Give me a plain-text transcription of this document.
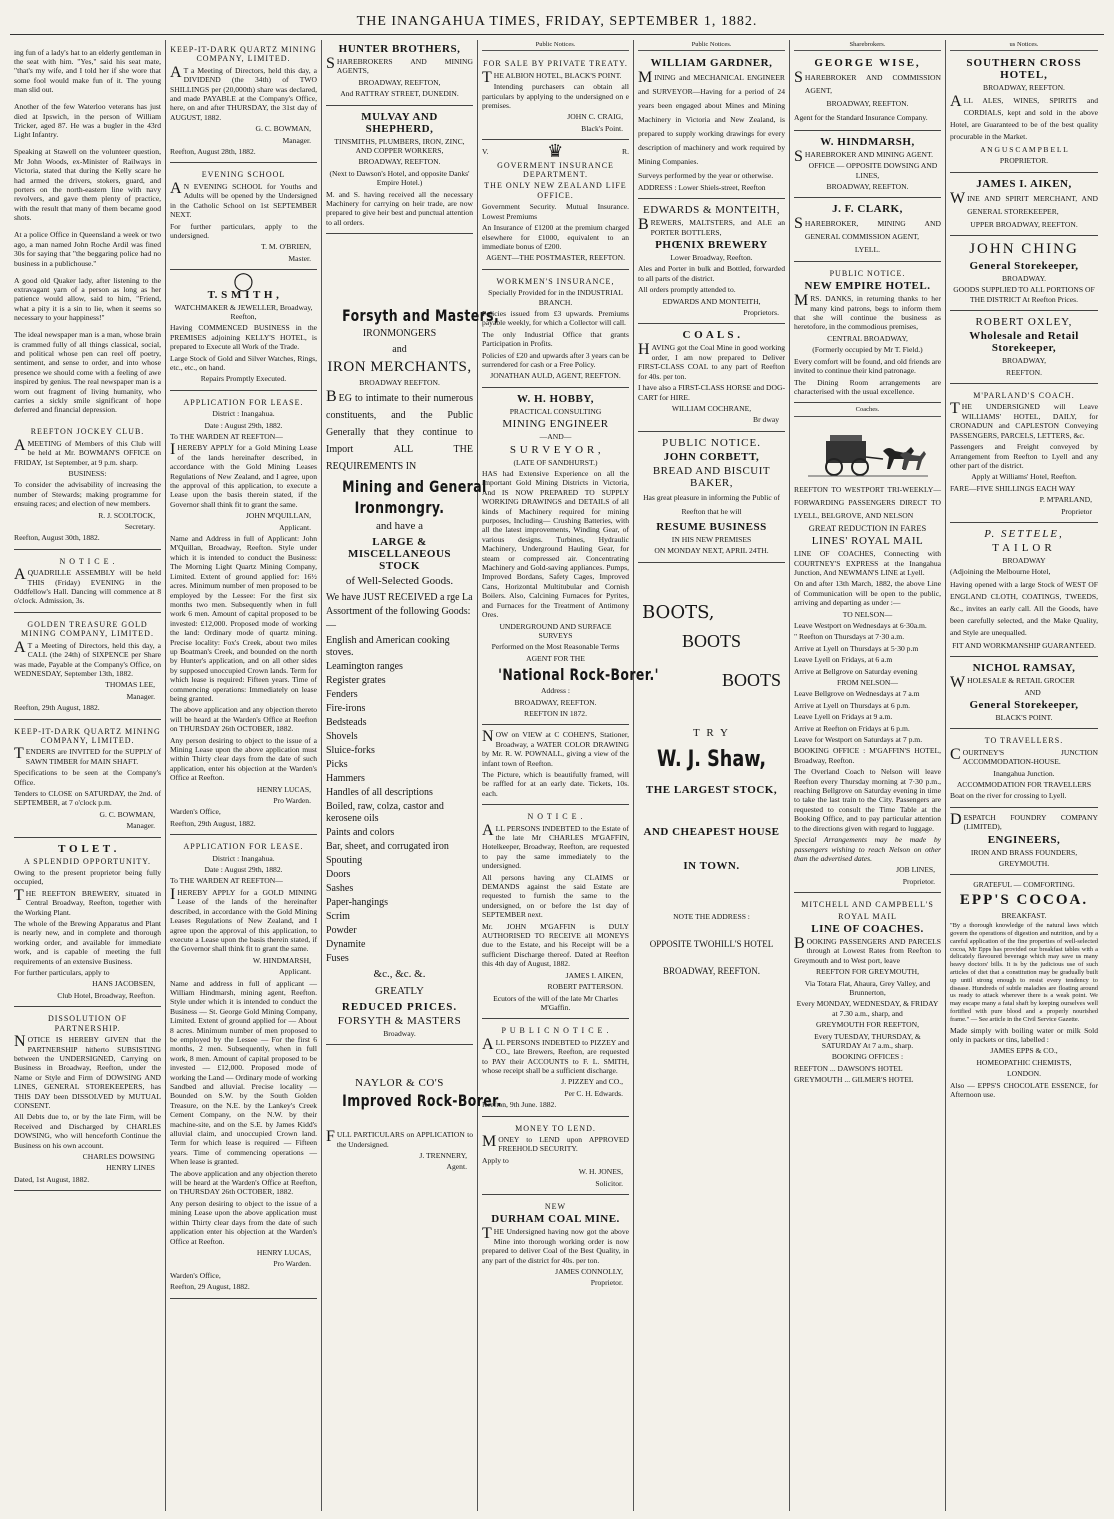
THE INANGAHUA TIMES, FRIDAY, SEPTEMBER 1, 1882.

ing fun of a lady's hat to an elderly gentleman in the seat with him. "Yes," said his seat mate, "that's my wife, and I told her if she wore that some fool would make fun of it. The young man slid out.

Another of the few Waterloo veterans has just died at Ipswich, in the person of William Tricker, aged 87. He was a bugler in the 43rd Light Infantry.

Speaking at Stawell on the volunteer question, Mr John Woods, ex-Minister of Railways in Victoria, stated that during the Kelly scare he had armed the drivers, stokers, guard, and porters on the north-eastern line with navy revolvers, and gave them plenty of practice, with the result that many of them became good shots.

At a police Office in Queensland a week or two ago, a man named John Roche Ardil was fined 30s for saying that "the beggaring police had no business in a publichouse."

A good old Quaker lady, after listening to the extravagant yarn of a person as long as her patience would allow, said to him, "Friend, what a pity it is a sin to lie, when it seems so necessary to your happiness!"

The ideal newspaper man is a man, whose brain is crammed fully of all things classical, social, and political whose pen can reel off poetry, sentiment, and sense to order, and into whose presence we should come with a feeling of awe inspired by genius. The real newspaper man is a worn out fragment of living humanity, who carries a sickly smile significant of hope deferred and financial depression.

REEFTON JOCKEY CLUB.

AMEETING of Members of this Club will be held at Mr. BOWMAN'S OFFICE on FRIDAY, 1st September, at 9 p.m. sharp.

BUSINESS:

To consider the advisability of increasing the number of Stewards; making programme for ensuing races; and election of new members.

R. J. SCOLTOCK,

Secretary.

Reefton, August 30th, 1882.

N O T I C E .

AQUADRILLE ASSEMBLY will be held THIS (Friday) EVENING in the Oddfellow's Hall. Dancing will commence at 8 o'clock. Admission, 3s.

GOLDEN TREASURE GOLD MINING COMPANY, LIMITED.

AT a Meeting of Directors, held this day, a CALL (the 24th) of SIXPENCE per Share was made, Payable at the Company's Office, on WEDNESDAY, September 13th, 1882.

THOMAS LEE,

Manager.

Reefton, 29th August, 1882.

KEEP-IT-DARK QUARTZ MINING COMPANY, LIMITED.

TENDERS are INVITED for the SUPPLY of SAWN TIMBER for MAIN SHAFT.

Specifications to be seen at the Company's Office.

Tenders to CLOSE on SATURDAY, the 2nd. of SEPTEMBER, at 7 o'clock p.m.

G. C. BOWMAN,

Manager.

T O L E T .
A SPLENDID OPPORTUNITY.

Owing to the present proprietor being fully occupied,

THE REEFTON BREWERY, situated in Central Broadway, Reefton, together with the Working Plant.

The whole of the Brewing Apparatus and Plant is nearly new, and in complete and thorough working order, and available for immediate work, and is capable of meeting the full requirements of an extensive Business.

For further particulars, apply to

HANS JACOBSEN,

Club Hotel, Broadway, Reefton.

DISSOLUTION OF PARTNERSHIP.

NOTICE IS HEREBY GIVEN that the PARTNERSHIP hitherto SUBSISTING between the UNDERSIGNED, Carrying on Business in Broadway, Reefton, under the Name or Style and Firm of DOWSING AND LINES, GENERAL STOREKEEPERS, has THIS DAY been DISSOLVED by MUTUAL CONSENT.

All Debts due to, or by the late Firm, will be Received and Discharged by CHARLES DOWSING, who will henceforth Continue the Business on his own account.

CHARLES DOWSING

HENRY LINES

Dated, 1st August, 1882.

KEEP-IT-DARK QUARTZ MINING COMPANY, LIMITED.

AT a Meeting of Directors, held this day, a DIVIDEND (the 34th) of TWO SHILLINGS per (20,000th) share was declared, and made PAYABLE at the Company's Office, here, on and after THURSDAY, the 31st day of AUGUST, 1882.

G. C. BOWMAN,

Manager.

Reefton, August 28th, 1882.

EVENING SCHOOL

AN EVENING SCHOOL for Youths and Adults will be opened by the Undersigned in the Catholic School on 1st SEPTEMBER NEXT.

For further particulars, apply to the undersigned.

T. M. O'BRIEN,

Master.

◯
T. S M I T H ,

WATCHMAKER & JEWELLER, Broadway, Reefton,

Having COMMENCED BUSINESS in the PREMISES adjoining KELLY'S HOTEL, is prepared to Execute all Work of the Trade.

Large Stock of Gold and Silver Watches, Rings, etc., etc., on hand.

Repairs Promptly Executed.

APPLICATION FOR LEASE.

District : Inangahua.

Date : August 29th, 1882.

To THE WARDEN AT REEFTON—

IHEREBY APPLY for a Gold Mining Lease of the lands hereinafter described, in accordance with the Gold Mining Leases Regulations of New Zealand, and I agree, upon the approval of this application, to execute a Lease upon the basis therein stated, if the Governor shall think fit to grant the same.

JOHN M'QUILLAN,

Applicant.

Name and Address in full of Applicant: John M'Quillan, Broadway, Reefton. Style under which it is intended to conduct the Business: The Morning Light Quartz Mining Company, Limited. Extent of ground applied for: 16½ acres. Minimum number of men proposed to be employed by the Lessee: For the first six months two men. Subsequently when in full work 6 men. Amount of capital proposed to be invested: £12,000. Proposed mode of working the land: Ordinary mode of quartz mining. Precise locality: Fox's Creek, about two miles up Boatman's Creek, and bounded on the north by Hunter's application, and on all other sides by supposed unoccupied Crown lands. Term for which lease is required: Fifteen years. Time of commencing operations: Immediately on lease being granted.

The above application and any objection thereto will be heard at the Warden's Office at Reefton on THURSDAY 26th OCTOBER, 1882.

Any person desiring to object to the issue of a Mining Lease upon the above application must within Thirty clear days from the date of such application, enter his objection at the Warden's Office at Reefton.

HENRY LUCAS,

Pro Warden.

Warden's Office,

Reefton, 29th August, 1882.

APPLICATION FOR LEASE.

District : Inangahua.

Date : August 29th, 1882.

To THE WARDEN AT REEFTON—

IHEREBY APPLY for a GOLD MINING Lease of the lands of the hereinafter described, in accordance with the Gold Mining Leases Regulations of New Zealand, and I agree upon the approval of this application, to execute a Lease upon the basis therein stated, if the Governor shall think fit to grant the same.

W. HINDMARSH,

Applicant.

Name and address in full of applicant — William Hindmarsh, mining agent, Reefton. Style under which it is intended to conduct the Business — St. George Gold Mining Company, Limited. Extent of ground applied for — About 8 acres. Minimum number of men proposed to be employed by the Lessee — For the first 6 months, 2 men. Subsequently, when in full work, 8 men. Amount of capital proposed to be invested — £12,000. Proposed mode of working the Land — Ordinary mode of working Sandbed and alluvial. Precise locality — Bounded on S.W. by the South Golden Treasure, on the N.E. by the Lankey's Creek Cement Company, on the N.W. by their machine-site, and on the S.E. by James Kidd's alluvial claim, and unoccupied Crown land. Term for which lease is required — Fifteen years. Time of commencing operations — When lease is granted.

The above application and any objection thereto will be heard at the Warden's Office at Reefton, on THURSDAY 26th OCTOBER, 1882.

Any person desiring to object to the issue of a mining Lease upon the above application must within Thirty clear days from the date of such application enter his objection at the Warden's Office at Reefton.

HENRY LUCAS,

Pro Warden.

Warden's Office,

Reefton, 29 August, 1882.

HUNTER BROTHERS,

SHAREBROKERS AND MINING AGENTS,

BROADWAY, REEFTON,

And RATTRAY STREET, DUNEDIN.

MULVAY AND SHEPHERD,

TINSMITHS, PLUMBERS, IRON, ZINC, AND COPPER WORKERS,

BROADWAY, REEFTON.

(Next to Dawson's Hotel, and opposite Danks' Empire Hotel.)

M. and S. having received all the necessary Machinery for carrying on heir trade, are now prepared to give heir best and punctual attention to all orders.

Forsyth and Masters,

IRONMONGERS

and

IRON MERCHANTS,

BROADWAY REEFTON.

BEG to intimate to their numerous constituents, and the Public Generally that they continue to Import ALL THE REQUIREMENTS IN

Mining and General
Ironmongry.

and have a

LARGE & MISCELLANEOUS STOCK

of Well-Selected Goods.

We have JUST RECEIVED a rge La Assortment of the following Goods:—

English and American cooking stoves.

Leamington ranges

Register grates

Fenders

Fire-irons

Bedsteads

Shovels

Sluice-forks

Picks

Hammers

Handles of all descriptions

Boiled, raw, colza, castor and kerosene oils

Paints and colors

Bar, sheet, and corrugated iron

Spouting

Doors

Sashes

Paper-hangings

Scrim

Powder

Dynamite

Fuses

&c., &c. &.

GREATLY

REDUCED PRICES.
FORSYTH & MASTERS

Broadway.

NAYLOR & CO'S
Improved Rock-Borer.

FULL PARTICULARS on APPLICATION to the Undersigned.

J. TRENNERY,

Agent.

Public Notices.
FOR SALE BY PRIVATE TREATY.

THE ALBION HOTEL, BLACK'S POINT.

Intending purchasers can obtain all particulars by applying to the undersigned on e premises.

JOHN C. CRAIG,

Black's Point.

V.	♛	R.
GOVERMENT INSURANCE DEPARTMENT.
THE ONLY NEW ZEALAND LIFE OFFICE.

Government Security. Mutual Insurance. Lowest Premiums

An Insurance of £1200 at the premium charged elsewhere for £1000, equivalent to an immediate bonus of £200.

AGENT—THE POSTMASTER, REEFTON.

WORKMEN'S INSURANCE,

Specially Provided for in the INDUSTRIAL BRANCH.

Policies issued from £3 upwards. Premiums payable weekly, for which a Collector will call.

The only Industrial Office that grants Participation in Profits.

Policies of £20 and upwards after 3 years can be surrendered for cash or a Free Policy.

JONATHAN AULD, AGENT, REEFTON.

W. H. HOBBY,

PRACTICAL CONSULTING

MINING ENGINEER

—AND—

S U R V E Y O R ,

(LATE OF SANDHURST.)

HAS had Extensive Experience on all the important Gold Mining Districts in Victoria, And IS NOW PREPARED TO SUPPLY WORKING DRAWINGS and DETAILS of all kinds of Machinery required for mining purposes, Including— Crushing Batteries, with all the latest improvements, Winding Gear, of various designs. Turbines, Hydraulic Machinery, Underground Hauling Gear, for steam or compressed air. Concentrating Machinery and Gold-saving appliances. Pumps, Improved Bordans, Safety Cages, Improved Cans, Horizontal Multitubular and Cornish Boilers. Also, Calcining Furnaces for Pyrites, and Furnaces for the Treatment of Antimony Ores.

UNDERGROUND AND SURFACE SURVEYS

Performed on the Most Reasonable Terms

AGENT FOR THE

'National Rock-Borer.'

Address :

BROADWAY, REEFTON.

REEFTON IN 1872.

NOW on VIEW at C COHEN'S, Stationer, Broadway, a WATER COLOR DRAWING by Mr. R. W. POWNALL, giving a view of the infant town of Reefton.

The Picture, which is beautifully framed, will be raffled for at an early date. Tickets, 10s. each.

N O T I C E .

ALL PERSONS INDEBTED to the Estate of the late Mr CHARLES M'GAFFIN, Hotelkeeper, Broadway, Reefton, are requested to pay the same immediately to the undersigned.

All persons having any CLAIMS or DEMANDS against the said Estate are requested to furnish the same to the undersigned, on or before the 1st day of SEPTEMBER next.

Mr. JOHN M'GAFFIN is DULY AUTHORISED TO RECEIVE all MONEYS due to the Estate, and his Receipt will be a sufficient Discharge thereof. Dated at Reefton this 4th day of August, 1882.

JAMES I. AIKEN,

ROBERT PATTERSON.

Ecutors of the will of the late Mr Charles M'Gaffin.

P U B L I C N O T I C E .

ALL PERSONS INDEBTED to PIZZEY and CO., late Brewers, Reefton, are requested to PAY their ACCOUNTS to F. L. SMITH, whose receipt shall be a sufficient discharge.

J. PIZZEY and CO.,

Per C. H. Edwards.

Reefton, 9th June. 1882.

MONEY TO LEND.

MONEY to LEND upon APPROVED FREEHOLD SECURITY.

Apply to

W. H. JONES,

Solicitor.

NEW
DURHAM COAL MINE.

THE Undersigned having now got the above Mine into thorough working order is now prepared to deliver Coal of the Best Quality, in any part of the district for 40s. per ton.

JAMES CONNOLLY,

Proprietor.

Public Notices.
WILLIAM GARDNER,

MINING and MECHANICAL ENGINEER and SURVEYOR—Having for a period of 24 years been engaged about Mines and Mining Machinery in Victoria and New Zealand, is prepared to supply working drawings for every description of machinery and work required by Mining Companies.

Surveys performed by the year or otherwise.

ADDRESS : Lower Shiels-street, Reefton

EDWARDS & MONTEITH,

BREWERS, MALTSTERS, and ALE an PORTER BOTTLERS,

PHŒNIX BREWERY

Lower Broadway, Reefton.

Ales and Porter in bulk and Bottled, forwarded to all parts of the district.

All orders promptly attended to.

EDWARDS AND MONTEITH,

Proprietors.

C O A L S .

HAVING got the Coal Mine in good working order, I am now prepared to Deliver FIRST-CLASS COAL to any part of Reefton for 40s. per ton.

I have also a FIRST-CLASS HORSE and DOG-CART for HIRE.

WILLIAM COCHRANE,

Br dway

PUBLIC NOTICE.
JOHN CORBETT,
BREAD AND BISCUIT BAKER,

Has great pleasure in informing the Public of Reefton that he will

RESUME BUSINESS

IN HIS NEW PREMISES

ON MONDAY NEXT, APRIL 24TH.

BOOTS,
BOOTS
BOOTS

T R Y

W. J. Shaw,
THE LARGEST STOCK,
AND CHEAPEST HOUSE
IN TOWN.

NOTE THE ADDRESS :

OPPOSITE TWOHILL'S HOTEL

BROADWAY, REEFTON.

Sharebrokers.
GEORGE WISE,

SHAREBROKER AND COMMISSION AGENT,

BROADWAY, REEFTON.

Agent for the Standard Insurance Company.

W. HINDMARSH,

SHAREBROKER AND MINING AGENT.

OFFICE — OPPOSITE DOWSING AND LINES,

BROADWAY, REEFTON.

J. F. CLARK,

SHAREBROKER, MINING AND GENERAL COMMISSION AGENT,

LYELL.

PUBLIC NOTICE.
NEW EMPIRE HOTEL.

MRS. DANKS, in returning thanks to her many kind patrons, begs to inform them that she will continue the business as heretofore, in the commodious premises,

CENTRAL BROADWAY,

(Formerly occupied by Mr T. Field.)

Every comfort will be found, and old friends are invited to continue their kind patronage.

The Dining Room arrangements are characterised with the usual excellence.

Coaches.

REEFTON TO WESTPORT TRI-WEEKLY—FORWARDING PASSENGERS DIRECT TO LYELL, BELGROVE, AND NELSON

GREAT REDUCTION IN FARES

LINES' ROYAL MAIL

LINE OF COACHES, Connecting with COURTNEY'S EXPRESS at the Inangahua Junction, And NEWMAN'S LINE at Lyell.

On and after 13th March, 1882, the above Line of Communication will be open to the public, arriving and departing as under :—

TO NELSON—

Leave Westport on Wednesdays at 6·30a.m.

" Reefton on Thursdays at 7·30 a.m.

Arrive at Lyell on Thursdays at 5·30 p.m

Leave Lyell on Fridays, at 6 a.m

Arrive at Bellgrove on Saturday evening

FROM NELSON—

Leave Bellgrove on Wednesdays at 7 a.m

Arrive at Lyell on Thursdays at 6 p.m.

Leave Lyell on Fridays at 9 a.m.

Arrive at Reefton on Fridays at 6 p.m.

Leave for Westport on Saturdays at 7 p.m.

BOOKING OFFICE : M'GAFFIN'S HOTEL, Broadway, Reefton.

The Overland Coach to Nelson will leave Reefton every Thursday morning at 7·30 p.m., reaching Bellgrove on Saturday evening in time to take the last train to the City. Passengers are requested to consult the Time Table at the Booking Office, and to pay particular attention to the directions given with regard to luggage.

Special Arrangements may be made by passengers wishing to reach Nelson on other than the advertised dates.

JOB LINES,

Proprietor.

MITCHELL AND CAMPBELL'S
ROYAL MAIL
LINE OF COACHES.

BOOKING PASSENGERS AND PARCELS through at Lowest Rates from Reefton to Greymouth and to West port, leave

REEFTON FOR GREYMOUTH,

Via Totara Flat, Ahaura, Grey Valley, and Brunnerton,

Every MONDAY, WEDNESDAY, & FRIDAY at 7.30 a.m., sharp, and

GREYMOUTH FOR REEFTON,

Every TUESDAY, THURSDAY, & SATURDAY At 7 a.m., sharp.

BOOKING OFFICES :

REEFTON ... DAWSON'S HOTEL

GREYMOUTH ... GILMER'S HOTEL

us Notices.
SOUTHERN CROSS HOTEL,

BROADWAY, REEFTON.

ALL ALES, WINES, SPIRITS and CORDIALS, kept and sold in the above Hotel, are Guaranteed to be of the best quality procurable in the Market.

A N G U S C A M P B E L L

PROPRIETOR.

JAMES I. AIKEN,

WINE AND SPIRIT MERCHANT, AND GENERAL STOREKEEPER,

UPPER BROADWAY, REEFTON.

JOHN CHING
General Storekeeper,

BROADWAY.

GOODS SUPPLIED TO ALL PORTIONS OF THE DISTRICT At Reefton Prices.

ROBERT OXLEY,
Wholesale and Retail Storekeeper,

BROADWAY,

REEFTON.

M'PARLAND'S COACH.

THE UNDERSIGNED will Leave WILLIAMS' HOTEL, DAILY, for CRONADUN and CAPLESTON Conveying PASSENGERS, PARCELS, LETTERS, &c.

Passengers and Freight conveyed by Arrangement from Reefton to Lyell and any other part of the district.

Apply at Williams' Hotel, Reefton.

FARE—FIVE SHILLINGS EACH WAY

P. M'PARLAND,

Proprietor

P. SETTELE,
TAILOR

BROADWAY

(Adjoining the Melbourne Hotel,

Having opened with a large Stock of WEST OF ENGLAND CLOTH, COATINGS, TWEEDS, &c., invites an early call. All the Goods, have been carefully selected, and the Make Quality, and Style are unequalled.

FIT AND WORKMANSHIP GUARANTEED.

NICHOL RAMSAY,

WHOLESALE & RETAIL GROCER

AND

General Storekeeper,

BLACK'S POINT.

TO TRAVELLERS.

COURTNEY'S JUNCTION ACCOMMODATION-HOUSE.

Inangahua Junction.

ACCOMMODATION FOR TRAVELLERS

Boat on the river for crossing to Lyell.

DESPATCH FOUNDRY COMPANY (LIMITED),

ENGINEERS,

IRON AND BRASS FOUNDERS,

GREYMOUTH.

GRATEFUL — COMFORTING.

EPP'S COCOA.

BREAKFAST.

"By a thorough knowledge of the natural laws which govern the operations of digestion and nutrition, and by a careful application of the fine properties of well-selected cocoa, Mr Epps has provided our breakfast tables with a delicately flavoured beverage which may save us many heavy doctors' bills. It is by the judicious use of such articles of diet that a constitution may be gradually built up until strong enough to resist every tendency to disease. Hundreds of subtle maladies are floating around us ready to attack wherever there is a weak point. We may escape many a fatal shaft by keeping ourselves well fortified with pure blood and a properly nourished frame." — See article in the Civil Service Gazette.

Made simply with boiling water or milk Sold only in packets or tins, labelled :

JAMES EPPS & CO.,

HOMEOPATHIC CHEMISTS,

LONDON.

Also — EPPS'S CHOCOLATE ESSENCE, for Afternoon use.
